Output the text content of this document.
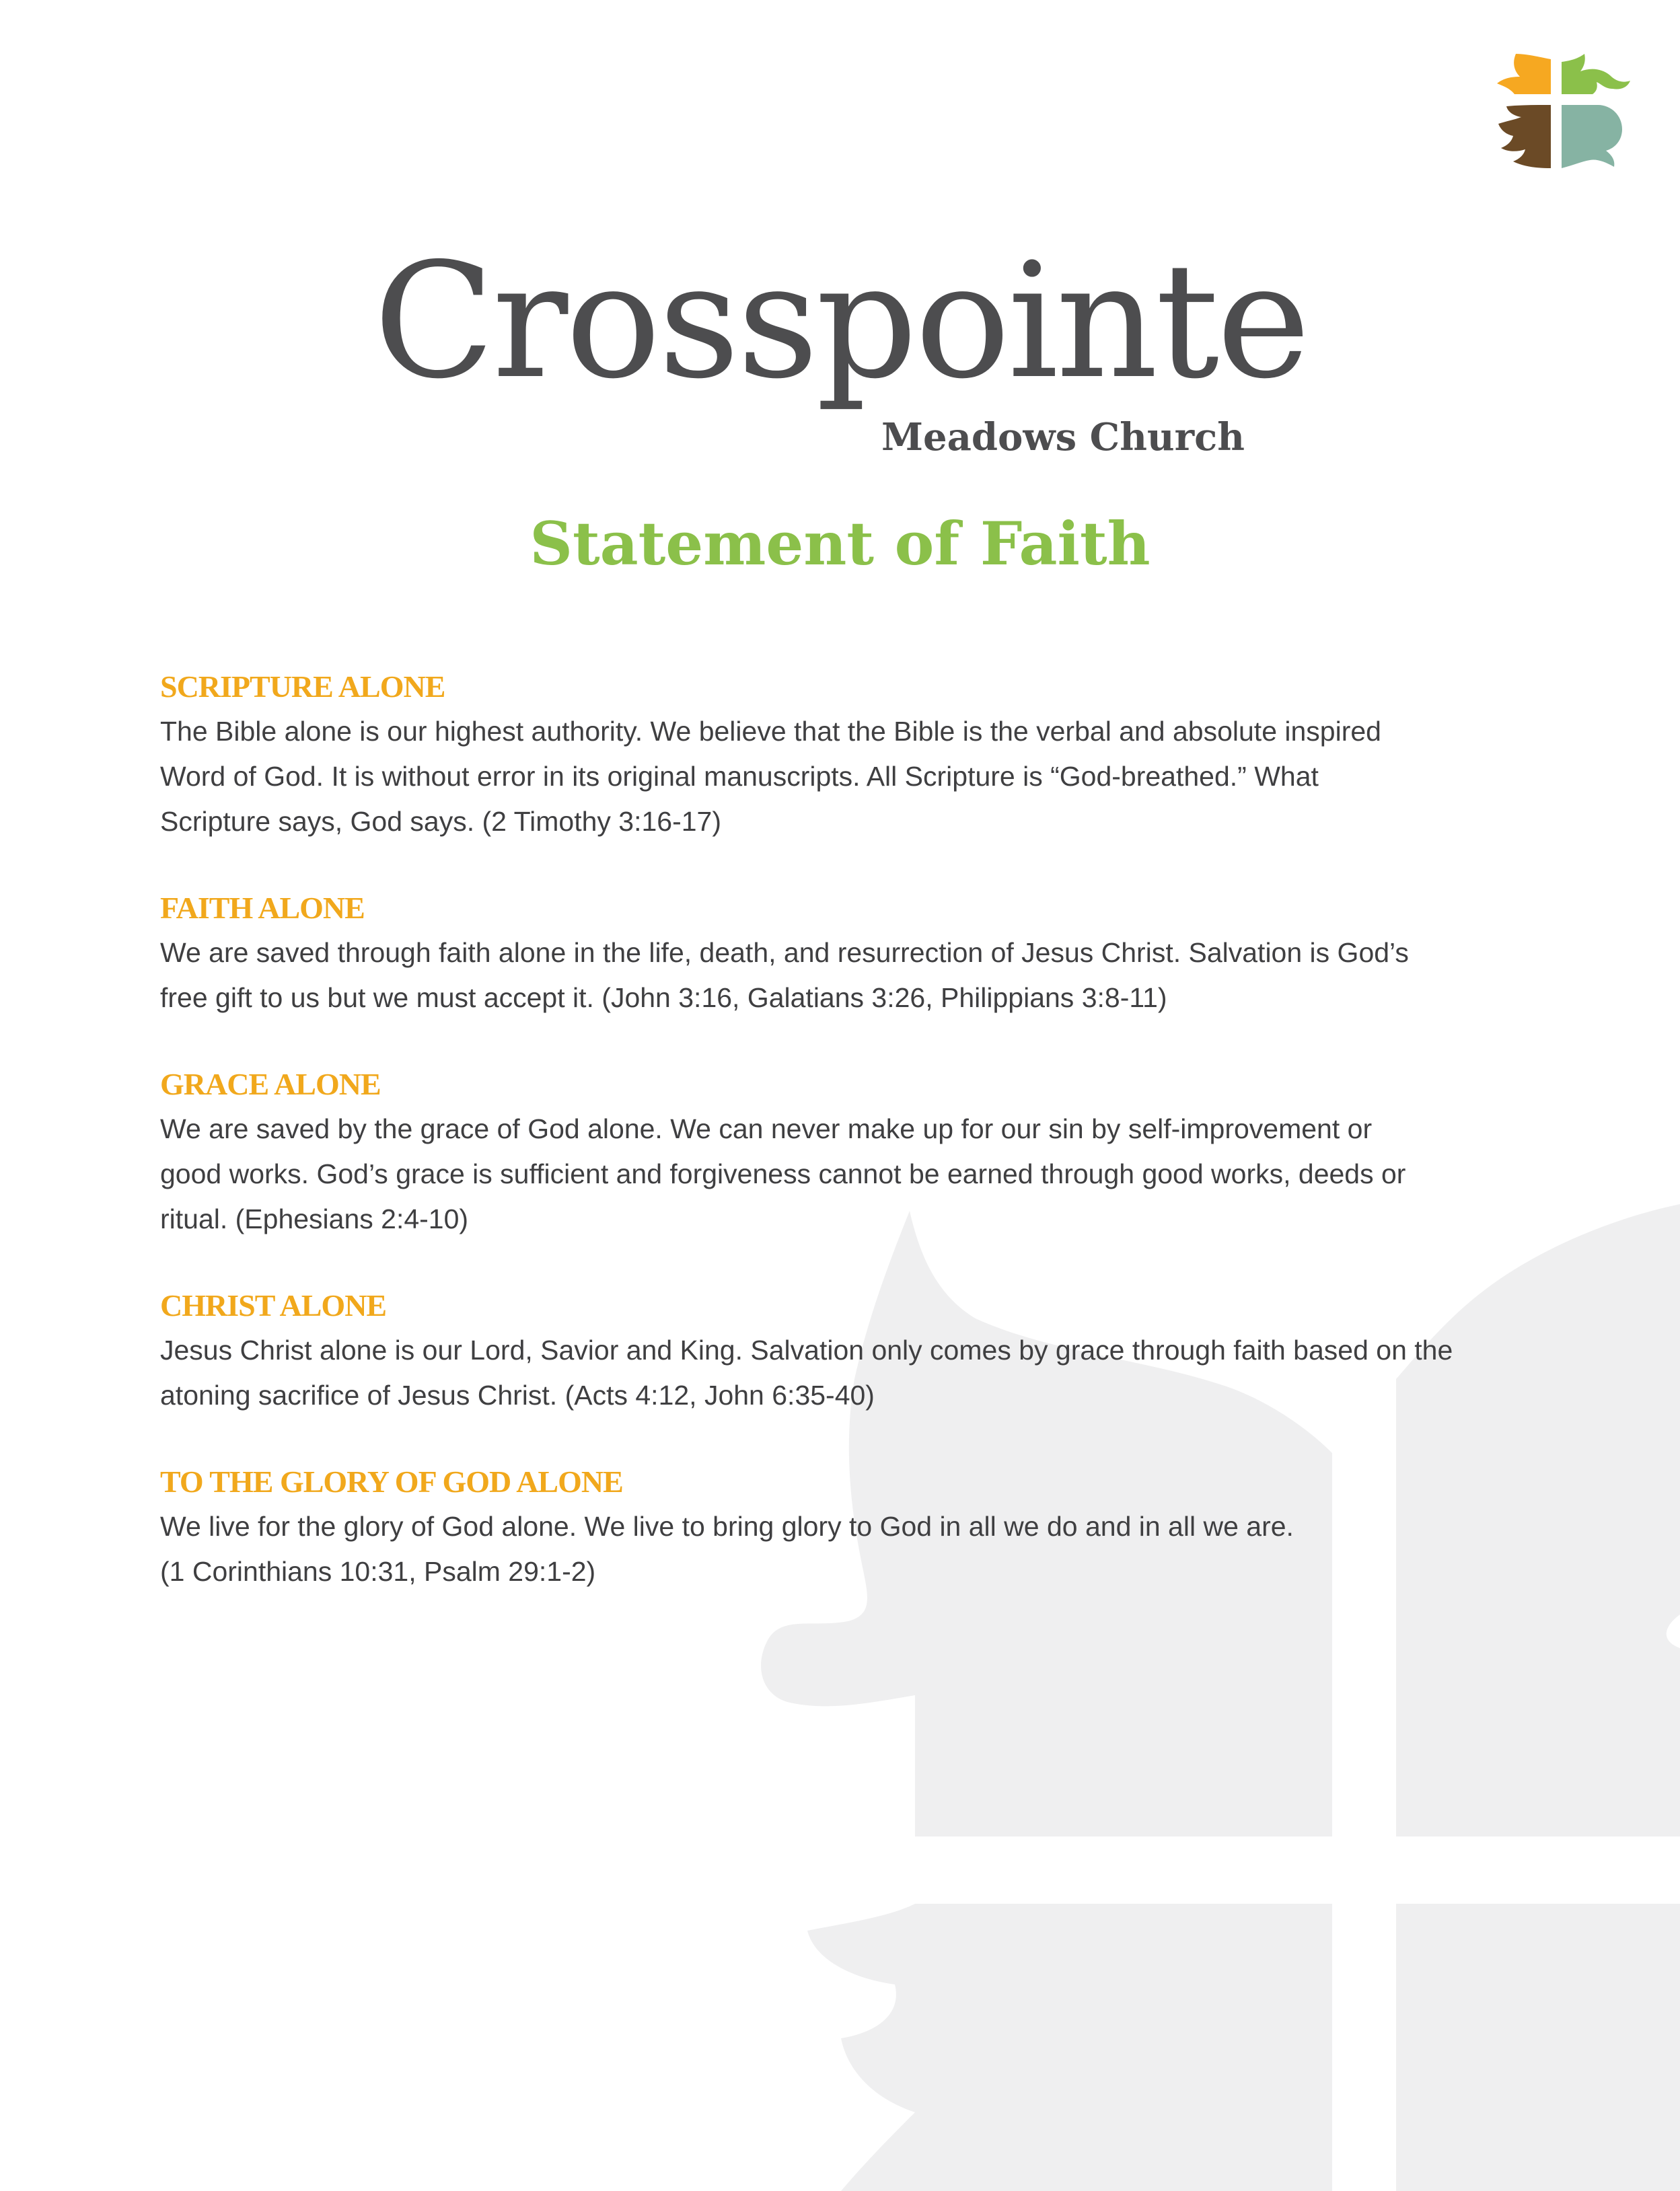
Crosspointe
Meadows Church
Statement of Faith
SCRIPTURE ALONE

The Bible alone is our highest authority. We believe that the Bible is the verbal and absolute inspired
Word of God. It is without error in its original manuscripts. All Scripture is “God-breathed.” What
Scripture says, God says. (2 Timothy 3:16-17)

FAITH ALONE

We are saved through faith alone in the life, death, and resurrection of Jesus Christ. Salvation is God’s
free gift to us but we must accept it. (John 3:16, Galatians 3:26, Philippians 3:8-11)

GRACE ALONE

We are saved by the grace of God alone. We can never make up for our sin by self-improvement or
good works. God’s grace is sufficient and forgiveness cannot be earned through good works, deeds or
ritual. (Ephesians 2:4-10)

CHRIST ALONE

Jesus Christ alone is our Lord, Savior and King. Salvation only comes by grace through faith based on the
atoning sacrifice of Jesus Christ. (Acts 4:12, John 6:35-40)

TO THE GLORY OF GOD ALONE

We live for the glory of God alone. We live to bring glory to God in all we do and in all we are.
(1 Corinthians 10:31, Psalm 29:1-2)
